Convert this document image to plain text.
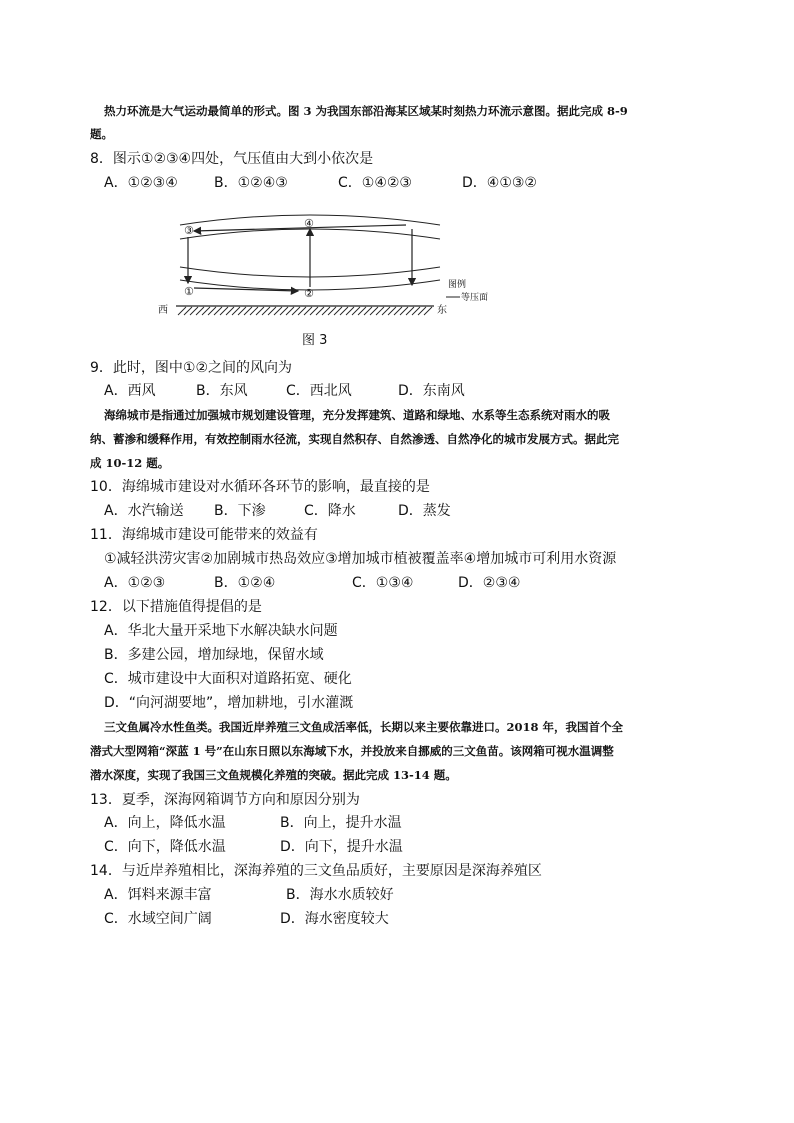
热力环流是大气运动最简单的形式。图 3 为我国东部沿海某区域某时刻热力环流示意图。据此完成 8-9
题。
8．图示①②③④四处，气压值由大到小依次是
A．①②③④	B．①②④③	C．①④②③	D．④①③②
④
③
①	②
图例
等压面
西	东
图 3
9．此时，图中①②之间的风向为
A．西风	B．东风	C．西北风	D．东南风
海绵城市是指通过加强城市规划建设管理，充分发挥建筑、道路和绿地、水系等生态系统对雨水的吸
纳、蓄渗和缓释作用，有效控制雨水径流，实现自然积存、自然渗透、自然净化的城市发展方式。据此完
成 10-12 题。
10．海绵城市建设对水循环各环节的影响，最直接的是
A．水汽输送 B．下渗	C．降水	D．蒸发
11．海绵城市建设可能带来的效益有
①减轻洪涝灾害②加剧城市热岛效应③增加城市植被覆盖率④增加城市可利用水资源
A．①②③	B．①②④	C．①③④	D．②③④
12．以下措施值得提倡的是
A．华北大量开采地下水解决缺水问题
B．多建公园，增加绿地，保留水域
C．城市建设中大面积对道路拓宽、硬化
D．“向河湖要地”，增加耕地，引水灌溉
三文鱼属冷水性鱼类。我国近岸养殖三文鱼成活率低，长期以来主要依靠进口。2018 年，我国首个全
潜式大型网箱“深蓝 1 号”在山东日照以东海域下水，并投放来自挪威的三文鱼苗。该网箱可视水温调整
潜水深度，实现了我国三文鱼规模化养殖的突破。据此完成 13-14 题。
13．夏季，深海网箱调节方向和原因分别为
A．向上，降低水温	B．向上，提升水温
C．向下，降低水温	D．向下，提升水温
14．与近岸养殖相比，深海养殖的三文鱼品质好，主要原因是深海养殖区
A．饵料来源丰富	B．海水水质较好
C．水域空间广阔	D．海水密度较大
